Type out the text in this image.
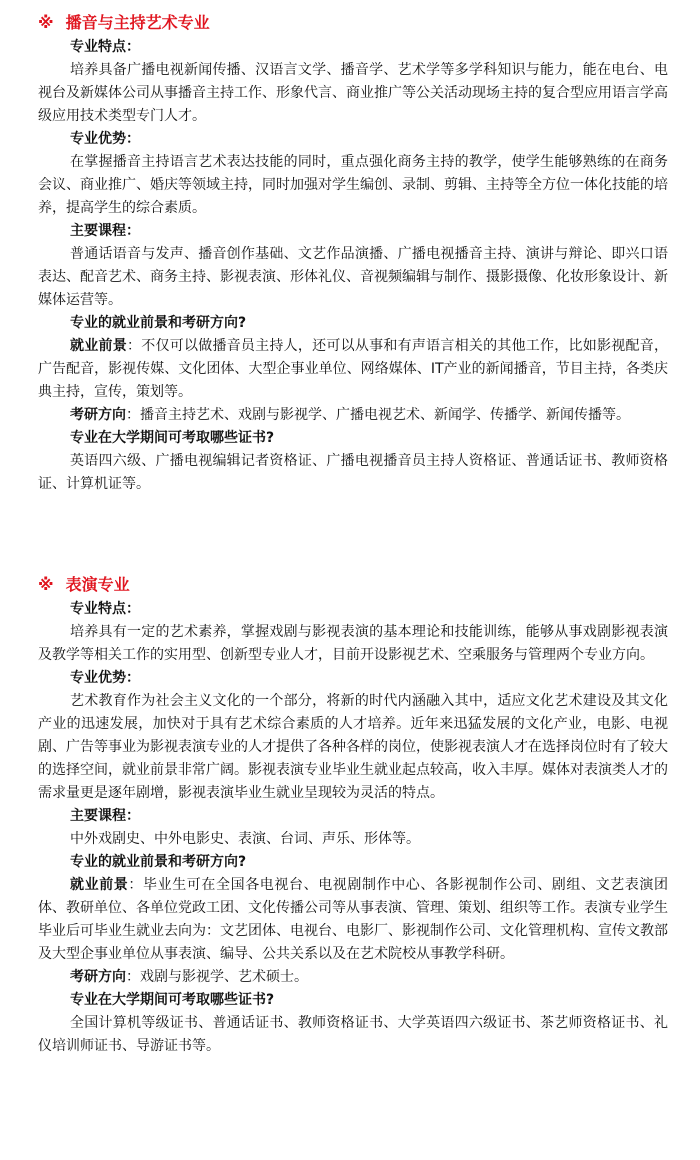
※ 播音与主持艺术专业
专业特点：

培养具备广播电视新闻传播、汉语言文学、播音学、艺术学等多学科知识与能力，能在电台、电视台及新媒体公司从事播音主持工作、形象代言、商业推广等公关活动现场主持的复合型应用语言学高级应用技术类型专门人才。

专业优势：

在掌握播音主持语言艺术表达技能的同时，重点强化商务主持的教学，使学生能够熟练的在商务会议、商业推广、婚庆等领域主持，同时加强对学生编创、录制、剪辑、主持等全方位一体化技能的培养，提高学生的综合素质。

主要课程：

普通话语音与发声、播音创作基础、文艺作品演播、广播电视播音主持、演讲与辩论、即兴口语表达、配音艺术、商务主持、影视表演、形体礼仪、音视频编辑与制作、摄影摄像、化妆形象设计、新媒体运营等。

专业的就业前景和考研方向?

就业前景：不仅可以做播音员主持人，还可以从事和有声语言相关的其他工作，比如影视配音，广告配音，影视传媒、文化团体、大型企事业单位、网络媒体、IT产业的新闻播音，节目主持，各类庆典主持，宣传，策划等。

考研方向：播音主持艺术、戏剧与影视学、广播电视艺术、新闻学、传播学、新闻传播等。

专业在大学期间可考取哪些证书?

英语四六级、广播电视编辑记者资格证、广播电视播音员主持人资格证、普通话证书、教师资格证、计算机证等。

※ 表演专业
专业特点：

培养具有一定的艺术素养，掌握戏剧与影视表演的基本理论和技能训练，能够从事戏剧影视表演及教学等相关工作的实用型、创新型专业人才，目前开设影视艺术、空乘服务与管理两个专业方向。

专业优势：

艺术教育作为社会主义文化的一个部分，将新的时代内涵融入其中，适应文化艺术建设及其文化产业的迅速发展，加快对于具有艺术综合素质的人才培养。近年来迅猛发展的文化产业，电影、电视剧、广告等事业为影视表演专业的人才提供了各种各样的岗位，使影视表演人才在选择岗位时有了较大的选择空间，就业前景非常广阔。影视表演专业毕业生就业起点较高，收入丰厚。媒体对表演类人才的需求量更是逐年剧增，影视表演毕业生就业呈现较为灵活的特点。

主要课程：

中外戏剧史、中外电影史、表演、台词、声乐、形体等。

专业的就业前景和考研方向?

就业前景：毕业生可在全国各电视台、电视剧制作中心、各影视制作公司、剧组、文艺表演团体、教研单位、各单位党政工团、文化传播公司等从事表演、管理、策划、组织等工作。表演专业学生毕业后可毕业生就业去向为：文艺团体、电视台、电影厂、影视制作公司、文化管理机构、宣传文教部及大型企事业单位从事表演、编导、公共关系以及在艺术院校从事教学科研。

考研方向：戏剧与影视学、艺术硕士。

专业在大学期间可考取哪些证书?

全国计算机等级证书、普通话证书、教师资格证书、大学英语四六级证书、茶艺师资格证书、礼仪培训师证书、导游证书等。
